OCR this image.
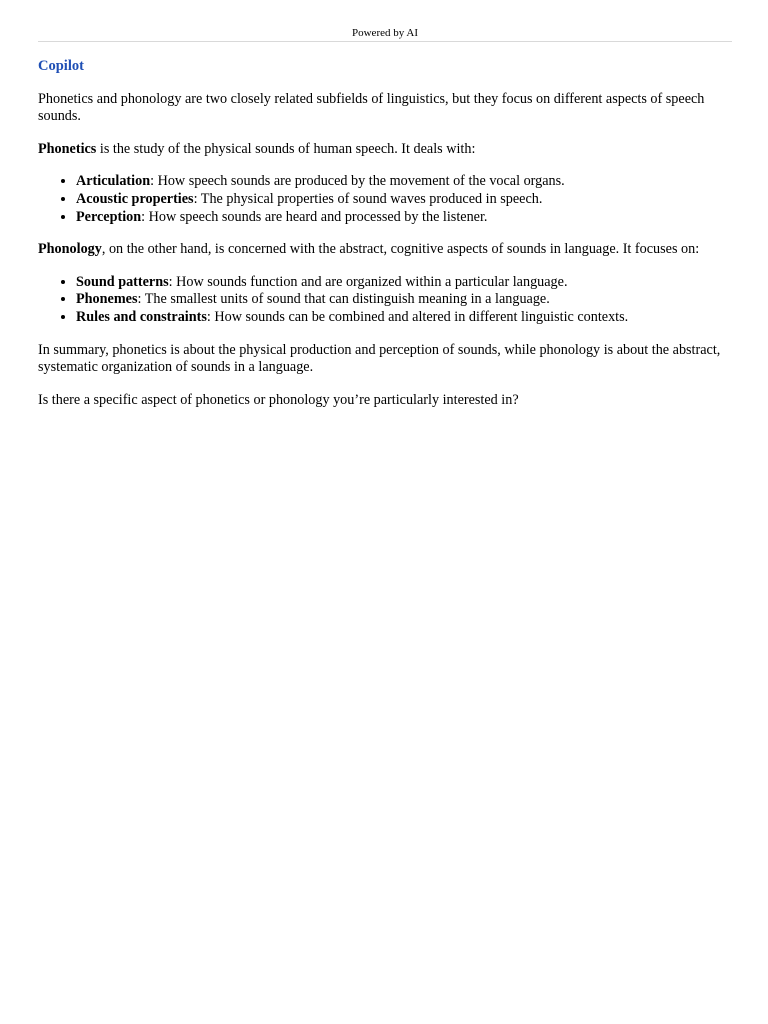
Powered by AI
Copilot

Phonetics and phonology are two closely related subfields of linguistics, but they focus on different aspects of speech sounds.

Phonetics is the study of the physical sounds of human speech. It deals with:

• Articulation: How speech sounds are produced by the movement of the vocal organs.
• Acoustic properties: The physical properties of sound waves produced in speech.
• Perception: How speech sounds are heard and processed by the listener.

Phonology, on the other hand, is concerned with the abstract, cognitive aspects of sounds in language. It focuses on:

• Sound patterns: How sounds function and are organized within a particular language.
• Phonemes: The smallest units of sound that can distinguish meaning in a language.
• Rules and constraints: How sounds can be combined and altered in different linguistic contexts.

In summary, phonetics is about the physical production and perception of sounds, while phonology is about the abstract, systematic organization of sounds in a language.

Is there a specific aspect of phonetics or phonology you’re particularly interested in?
